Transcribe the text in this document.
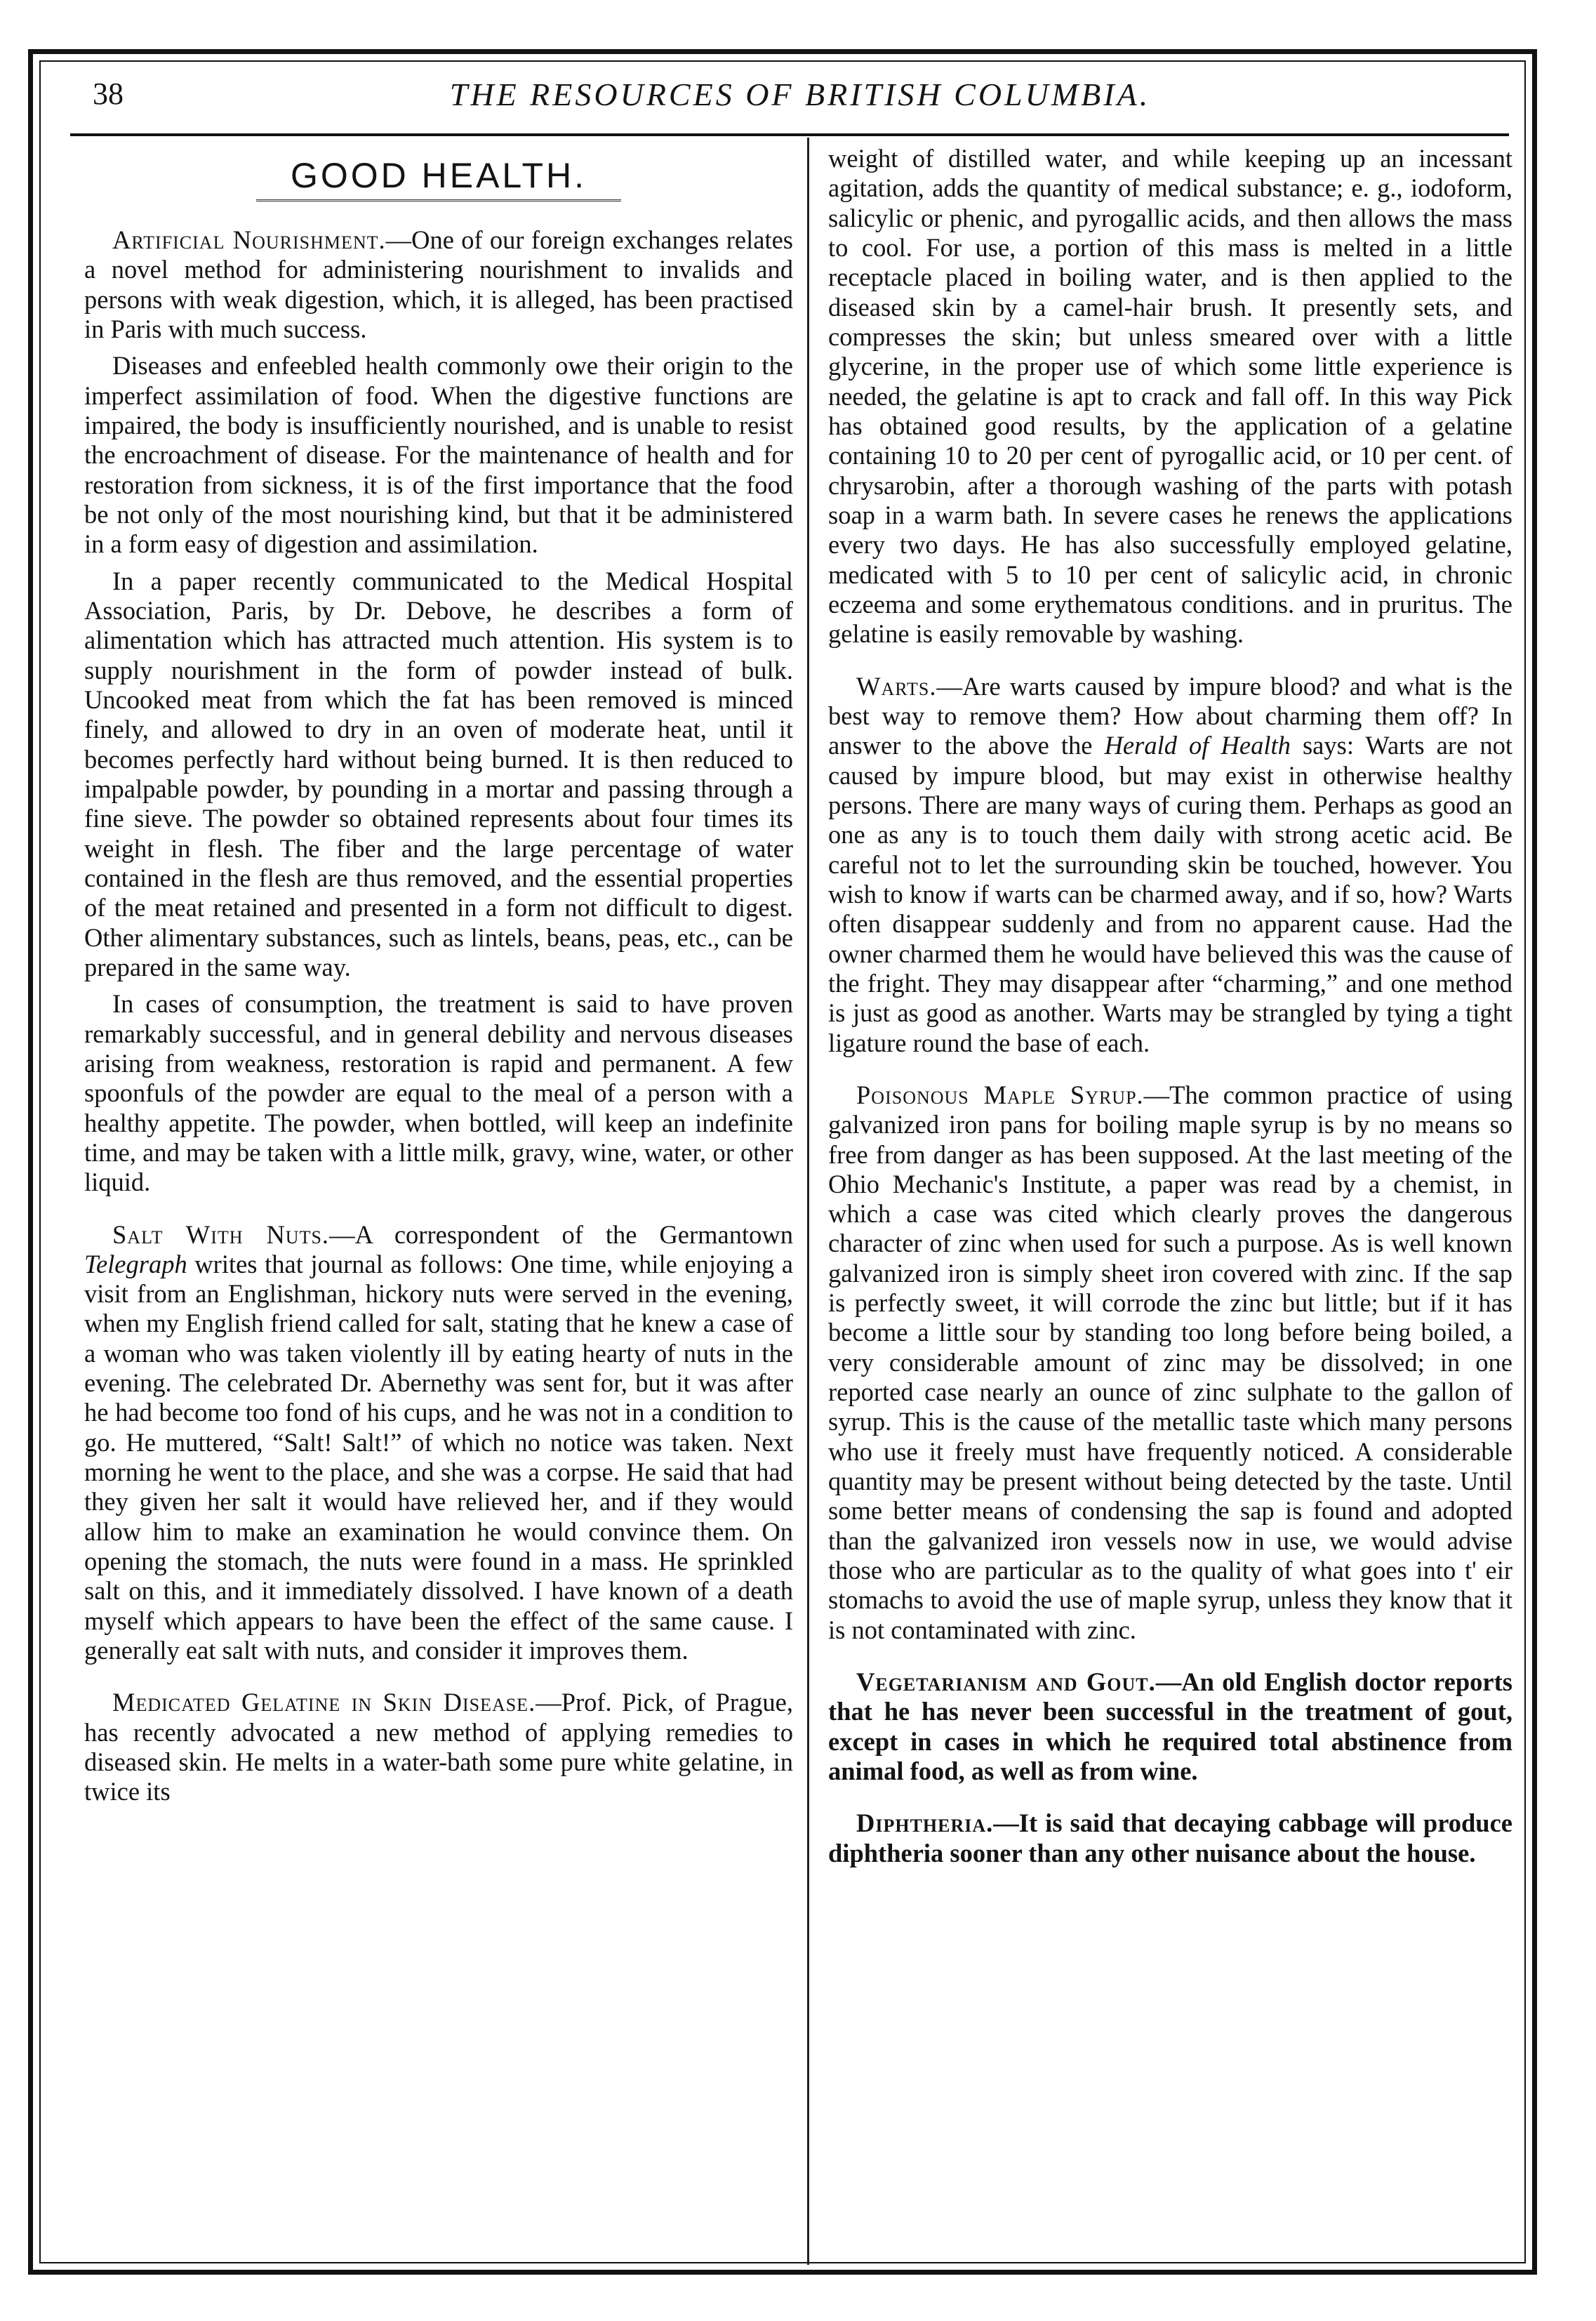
38	THE RESOURCES OF BRITISH COLUMBIA.
GOOD HEALTH.

Artificial Nourishment.—One of our foreign exchanges relates a novel method for administering nourishment to invalids and persons with weak digestion, which, it is alleged, has been practised in Paris with much success.

Diseases and enfeebled health commonly owe their origin to the imperfect assimilation of food. When the digestive functions are impaired, the body is insufficiently nourished, and is unable to resist the encroachment of disease. For the maintenance of health and for restoration from sickness, it is of the first importance that the food be not only of the most nourishing kind, but that it be administered in a form easy of digestion and assimilation.

In a paper recently communicated to the Medical Hospital Association, Paris, by Dr. Debove, he describes a form of alimentation which has attracted much attention. His system is to supply nourishment in the form of powder instead of bulk. Uncooked meat from which the fat has been removed is minced finely, and allowed to dry in an oven of moderate heat, until it becomes perfectly hard without being burned. It is then reduced to impalpable powder, by pounding in a mortar and passing through a fine sieve. The powder so obtained represents about four times its weight in flesh. The fiber and the large percentage of water contained in the flesh are thus removed, and the essential properties of the meat retained and presented in a form not difficult to digest. Other alimentary substances, such as lintels, beans, peas, etc., can be prepared in the same way.

In cases of consumption, the treatment is said to have proven remarkably successful, and in general debility and nervous diseases arising from weakness, restoration is rapid and permanent. A few spoonfuls of the powder are equal to the meal of a person with a healthy appetite. The powder, when bottled, will keep an indefinite time, and may be taken with a little milk, gravy, wine, water, or other liquid.

Salt With Nuts.—A correspondent of the Germantown Telegraph writes that journal as follows: One time, while enjoying a visit from an Englishman, hickory nuts were served in the evening, when my English friend called for salt, stating that he knew a case of a woman who was taken violently ill by eating hearty of nuts in the evening. The celebrated Dr. Abernethy was sent for, but it was after he had become too fond of his cups, and he was not in a condition to go. He muttered, “Salt! Salt!” of which no notice was taken. Next morning he went to the place, and she was a corpse. He said that had they given her salt it would have relieved her, and if they would allow him to make an examination he would convince them. On opening the stomach, the nuts were found in a mass. He sprinkled salt on this, and it immediately dissolved. I have known of a death myself which appears to have been the effect of the same cause. I generally eat salt with nuts, and consider it improves them.

Medicated Gelatine in Skin Disease.—Prof. Pick, of Prague, has recently advocated a new method of applying remedies to diseased skin. He melts in a water-bath some pure white gelatine, in twice its

weight of distilled water, and while keeping up an incessant agitation, adds the quantity of medical substance; e. g., iodoform, salicylic or phenic, and pyrogallic acids, and then allows the mass to cool. For use, a portion of this mass is melted in a little receptacle placed in boiling water, and is then applied to the diseased skin by a camel-hair brush. It presently sets, and compresses the skin; but unless smeared over with a little glycerine, in the proper use of which some little experience is needed, the gelatine is apt to crack and fall off. In this way Pick has obtained good results, by the application of a gelatine containing 10 to 20 per cent of pyrogallic acid, or 10 per cent. of chrysarobin, after a thorough washing of the parts with potash soap in a warm bath. In severe cases he renews the applications every two days. He has also successfully employed gelatine, medicated with 5 to 10 per cent of salicylic acid, in chronic eczeema and some erythematous conditions. and in pruritus. The gelatine is easily removable by washing.

Warts.—Are warts caused by impure blood? and what is the best way to remove them? How about charming them off? In answer to the above the Herald of Health says: Warts are not caused by impure blood, but may exist in otherwise healthy persons. There are many ways of curing them. Perhaps as good an one as any is to touch them daily with strong acetic acid. Be careful not to let the surrounding skin be touched, however. You wish to know if warts can be charmed away, and if so, how? Warts often disappear suddenly and from no apparent cause. Had the owner charmed them he would have believed this was the cause of the fright. They may disappear after “charming,” and one method is just as good as another. Warts may be strangled by tying a tight ligature round the base of each.

Poisonous Maple Syrup.—The common practice of using galvanized iron pans for boiling maple syrup is by no means so free from danger as has been supposed. At the last meeting of the Ohio Mechanic's Institute, a paper was read by a chemist, in which a case was cited which clearly proves the dangerous character of zinc when used for such a purpose. As is well known galvanized iron is simply sheet iron covered with zinc. If the sap is perfectly sweet, it will corrode the zinc but little; but if it has become a little sour by standing too long before being boiled, a very considerable amount of zinc may be dissolved; in one reported case nearly an ounce of zinc sulphate to the gallon of syrup. This is the cause of the metallic taste which many persons who use it freely must have frequently noticed. A considerable quantity may be present without being detected by the taste. Until some better means of condensing the sap is found and adopted than the galvanized iron vessels now in use, we would advise those who are particular as to the quality of what goes into t' eir stomachs to avoid the use of maple syrup, unless they know that it is not contaminated with zinc.

Vegetarianism and Gout.—An old English doctor reports that he has never been successful in the treatment of gout, except in cases in which he required total abstinence from animal food, as well as from wine.

Diphtheria.—It is said that decaying cabbage will produce diphtheria sooner than any other nuisance about the house.
